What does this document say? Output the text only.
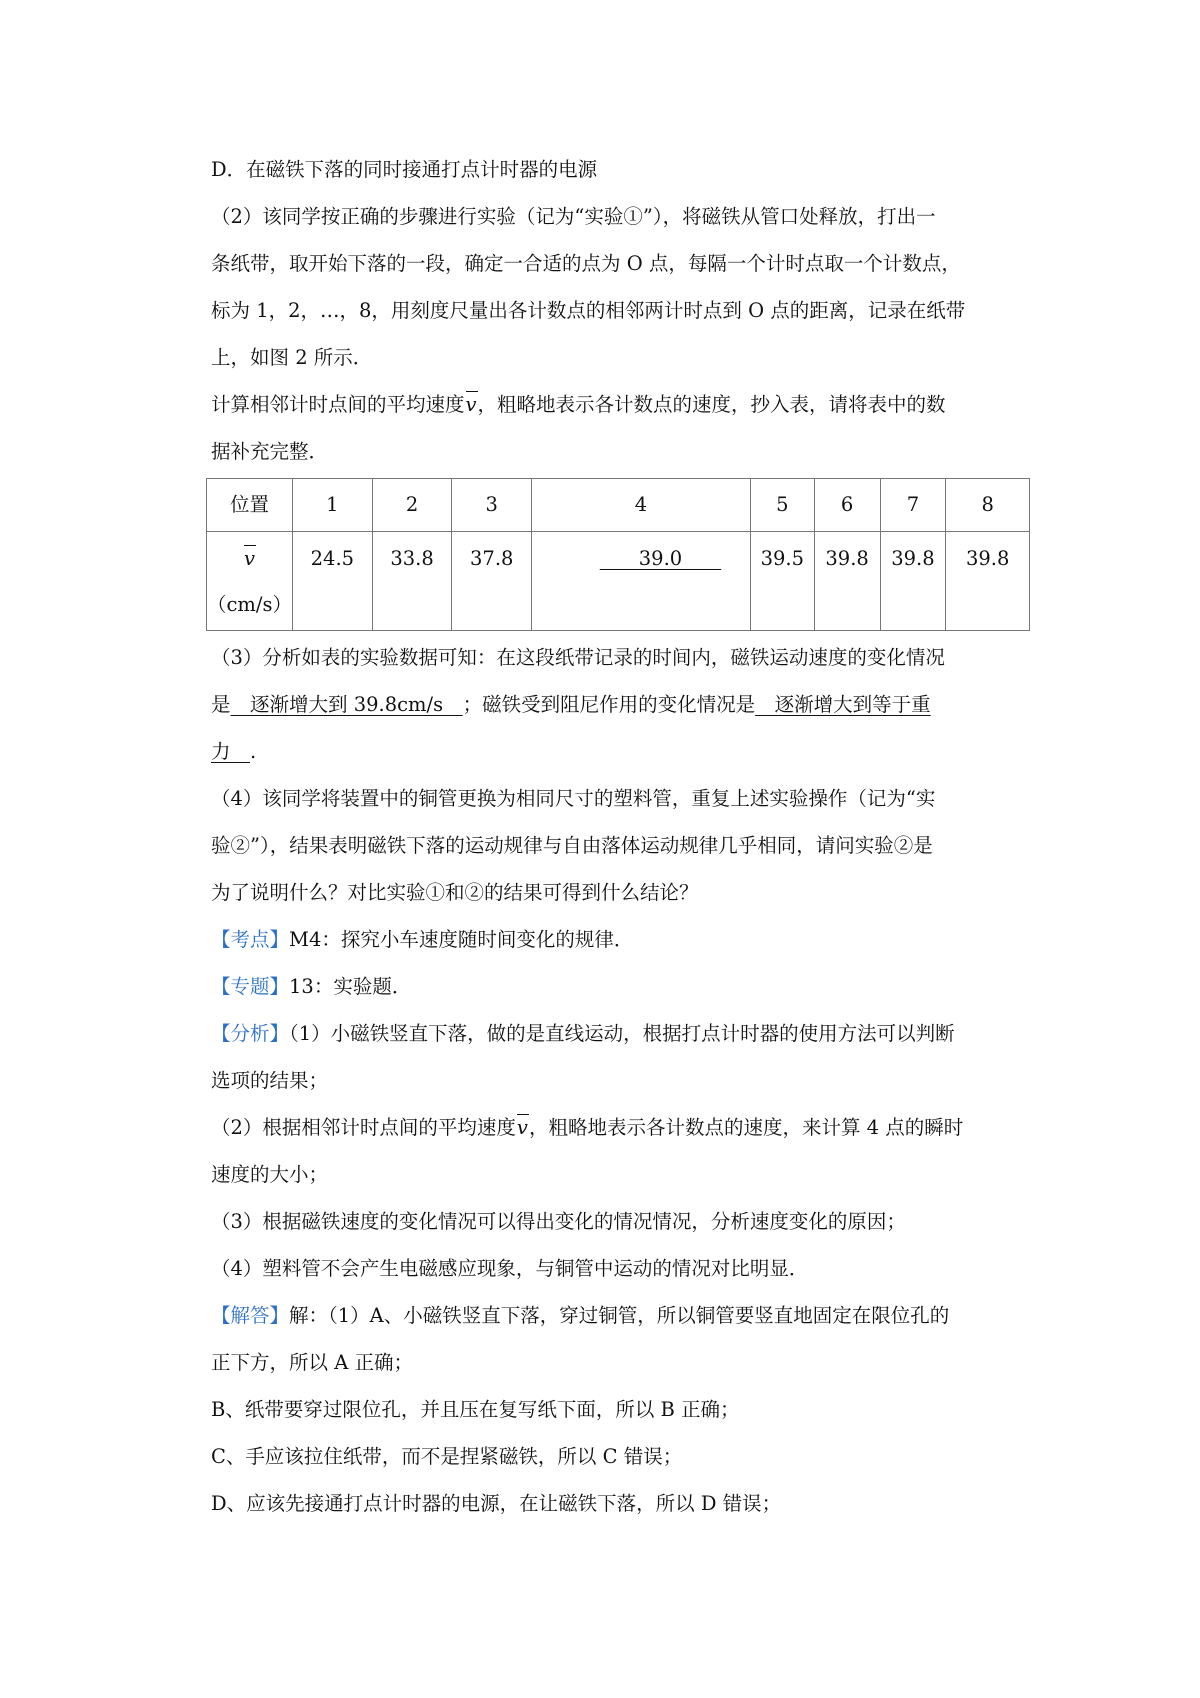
D．在磁铁下落的同时接通打点计时器的电源
（2）该同学按正确的步骤进行实验（记为“实验①”），将磁铁从管口处释放，打出一
条纸带，取开始下落的一段，确定一合适的点为 O 点，每隔一个计时点取一个计数点，
标为 1，2，…，8，用刻度尺量出各计数点的相邻两计时点到 O 点的距离，记录在纸带
上，如图 2 所示．
计算相邻计时点间的平均速度v，粗略地表示各计数点的速度，抄入表，请将表中的数
据补充完整．
位置	1	2	3	4	5	6	7	8

v
（cm/s）	24.5	33.8	37.8	　　39.0　　	39.5	39.8	39.8	39.8
（3）分析如表的实验数据可知：在这段纸带记录的时间内，磁铁运动速度的变化情况
是　逐渐增大到 39.8cm/s　；磁铁受到阻尼作用的变化情况是　逐渐增大到等于重
力　.
（4）该同学将装置中的铜管更换为相同尺寸的塑料管，重复上述实验操作（记为“实
验②”），结果表明磁铁下落的运动规律与自由落体运动规律几乎相同，请问实验②是
为了说明什么？对比实验①和②的结果可得到什么结论？
【考点】M4：探究小车速度随时间变化的规律．
【专题】13：实验题．
【分析】（1）小磁铁竖直下落，做的是直线运动，根据打点计时器的使用方法可以判断
选项的结果；
（2）根据相邻计时点间的平均速度v，粗略地表示各计数点的速度，来计算 4 点的瞬时
速度的大小；
（3）根据磁铁速度的变化情况可以得出变化的情况情况，分析速度变化的原因；
（4）塑料管不会产生电磁感应现象，与铜管中运动的情况对比明显．
【解答】解：（1）A、小磁铁竖直下落，穿过铜管，所以铜管要竖直地固定在限位孔的
正下方，所以 A 正确；
B、纸带要穿过限位孔，并且压在复写纸下面，所以 B 正确；
C、手应该拉住纸带，而不是捏紧磁铁，所以 C 错误；
D、应该先接通打点计时器的电源，在让磁铁下落，所以 D 错误；
